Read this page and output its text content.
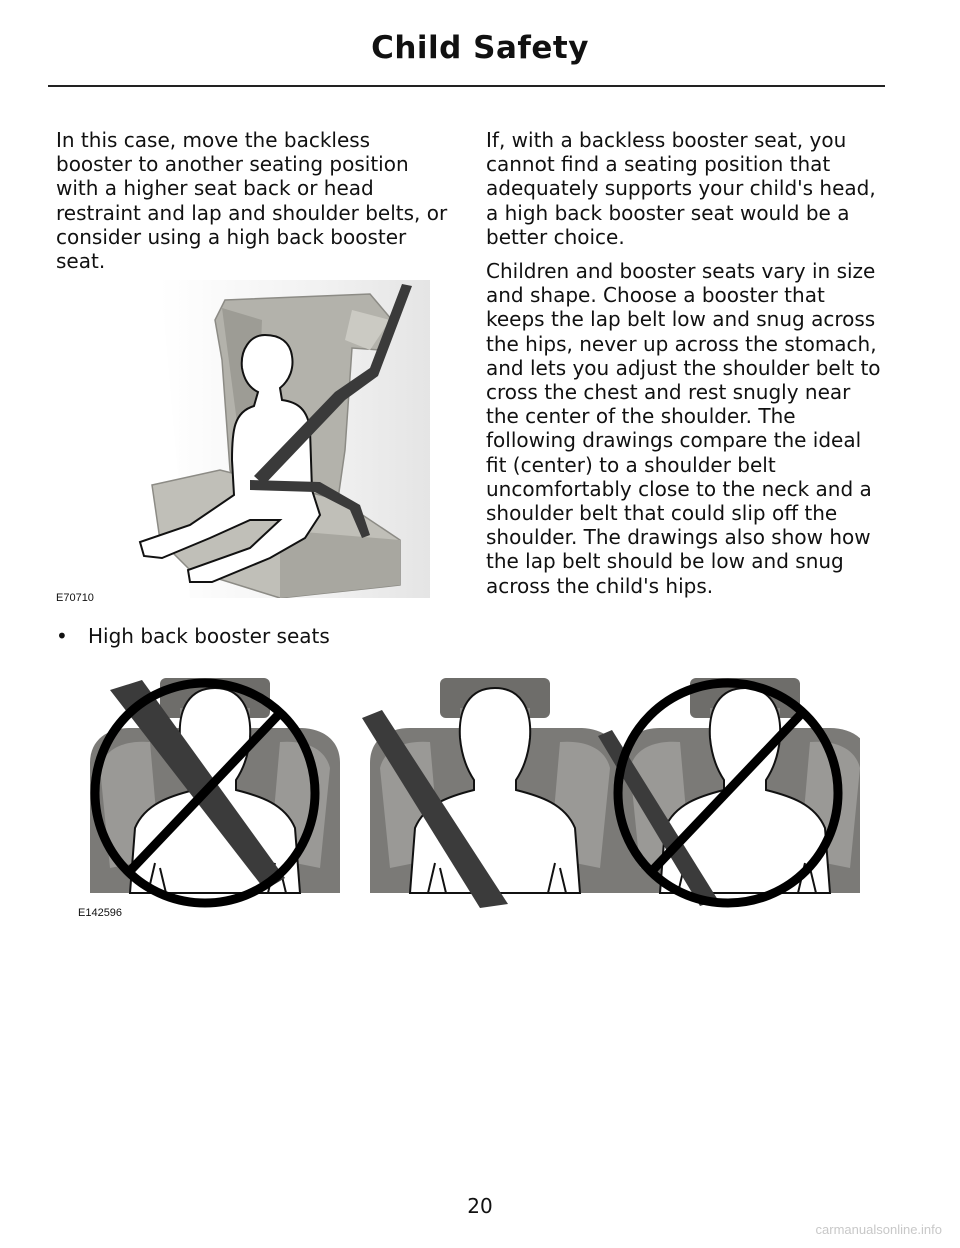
Child Safety

In this case, move the backless booster to another seating position with a higher seat back or head restraint and lap and shoulder belts, or consider using a high back booster seat.

E70710
• High back booster seats

If, with a backless booster seat, you cannot find a seating position that adequately supports your child's head, a high back booster seat would be a better choice.

Children and booster seats vary in size and shape. Choose a booster that keeps the lap belt low and snug across the hips, never up across the stomach, and lets you adjust the shoulder belt to cross the chest and rest snugly near the center of the shoulder. The following drawings compare the ideal fit (center) to a shoulder belt uncomfortably close to the neck and a shoulder belt that could slip off the shoulder. The drawings also show how the lap belt should be low and snug across the child's hips.

E142596
20
carmanualsonline.info
